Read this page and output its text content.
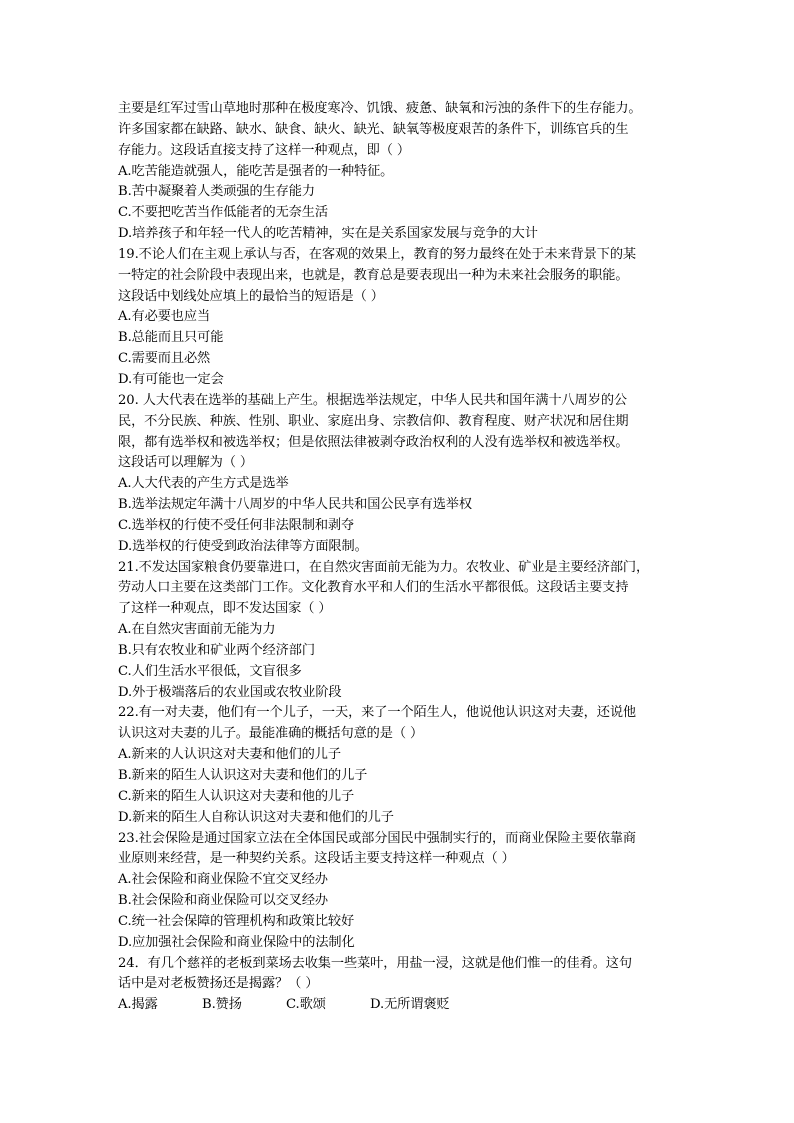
主要是红军过雪山草地时那种在极度寒冷、饥饿、疲惫、缺氧和污浊的条件下的生存能力。
许多国家都在缺路、缺水、缺食、缺火、缺光、缺氧等极度艰苦的条件下，训练官兵的生
存能力。这段话直接支持了这样一种观点，即（ ）
A.吃苦能造就强人，能吃苦是强者的一种特征。
B.苦中凝聚着人类顽强的生存能力
C.不要把吃苦当作低能者的无奈生活
D.培养孩子和年轻一代人的吃苦精神，实在是关系国家发展与竞争的大计
19.不论人们在主观上承认与否，在客观的效果上，教育的努力最终在处于未来背景下的某
一特定的社会阶段中表现出来，也就是，教育总是要表现出一种为未来社会服务的职能。
这段话中划线处应填上的最恰当的短语是（ ）
A.有必要也应当
B.总能而且只可能
C.需要而且必然
D.有可能也一定会
20. 人大代表在选举的基础上产生。根据选举法规定，中华人民共和国年满十八周岁的公
民，不分民族、种族、性别、职业、家庭出身、宗教信仰、教育程度、财产状况和居住期
限，都有选举权和被选举权；但是依照法律被剥夺政治权利的人没有选举权和被选举权。
这段话可以理解为（ ）
A.人大代表的产生方式是选举
B.选举法规定年满十八周岁的中华人民共和国公民享有选举权
C.选举权的行使不受任何非法限制和剥夺
D.选举权的行使受到政治法律等方面限制。
21.不发达国家粮食仍要靠进口，在自然灾害面前无能为力。农牧业、矿业是主要经济部门，
劳动人口主要在这类部门工作。文化教育水平和人们的生活水平都很低。这段话主要支持
了这样一种观点，即不发达国家（ ）
A.在自然灾害面前无能为力
B.只有农牧业和矿业两个经济部门
C.人们生活水平很低，文盲很多
D.外于极端落后的农业国或农牧业阶段
22.有一对夫妻，他们有一个儿子，一天，来了一个陌生人，他说他认识这对夫妻，还说他
认识这对夫妻的儿子。最能准确的概括句意的是（ ）
A.新来的人认识这对夫妻和他们的儿子
B.新来的陌生人认识这对夫妻和他们的儿子
C.新来的陌生人认识这对夫妻和他的儿子
D.新来的陌生人自称认识这对夫妻和他们的儿子
23.社会保险是通过国家立法在全体国民或部分国民中强制实行的，而商业保险主要依靠商
业原则来经营，是一种契约关系。这段话主要支持这样一种观点（ ）
A.社会保险和商业保险不宜交叉经办
B.社会保险和商业保险可以交叉经办
C.统一社会保障的管理机构和政策比较好
D.应加强社会保险和商业保险中的法制化
24．有几个慈祥的老板到菜场去收集一些菜叶，用盐一浸，这就是他们惟一的佳肴。这句
话中是对老板赞扬还是揭露？（ ）
A.揭露	B.赞扬	C.歌颂	D.无所谓褒贬
